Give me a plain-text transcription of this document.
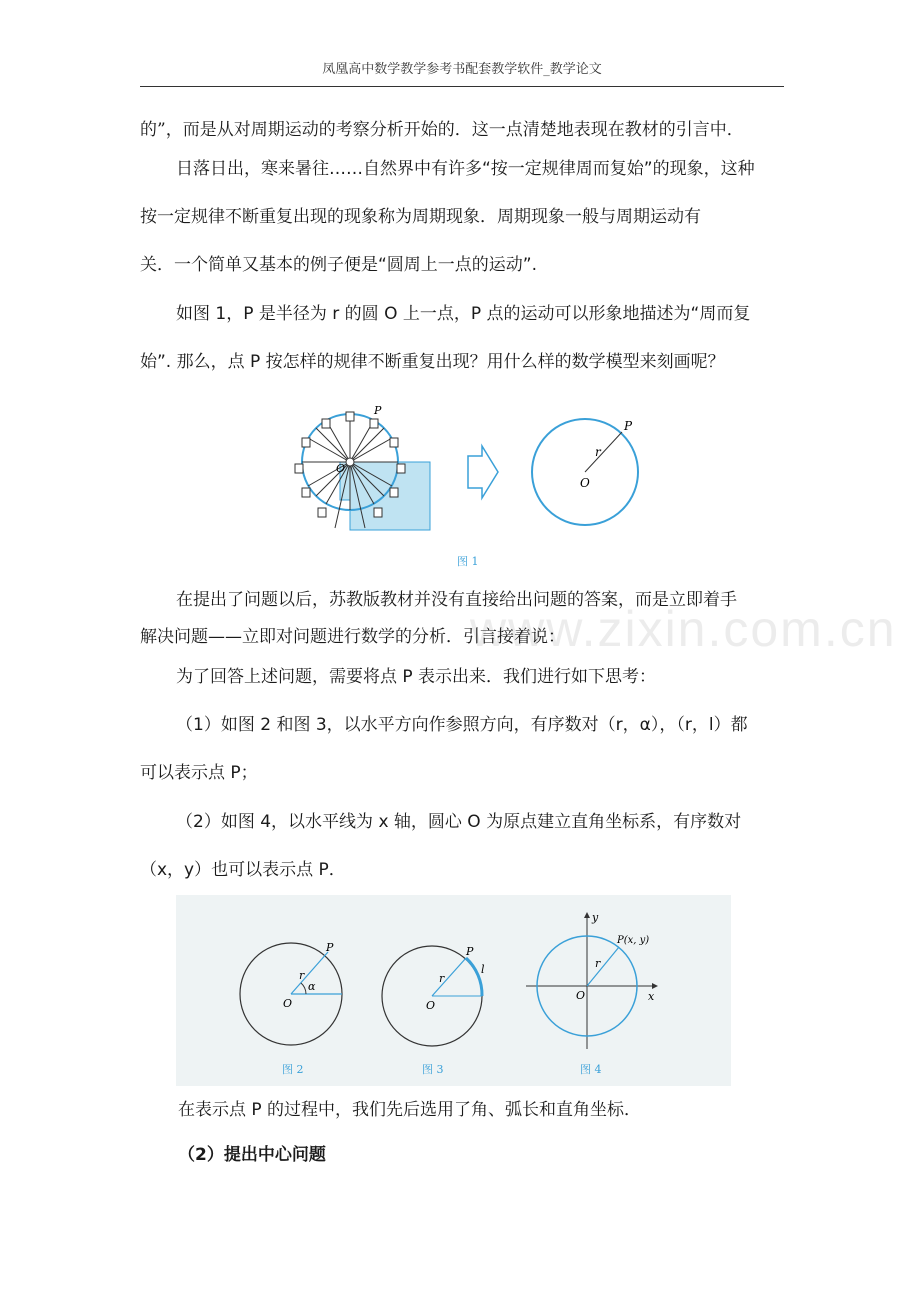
凤凰高中数学教学参考书配套教学软件_教学论文

的”，而是从对周期运动的考察分析开始的．这一点清楚地表现在教材的引言中．

日落日出，寒来暑往……自然界中有许多“按一定规律周而复始”的现象，这种

按一定规律不断重复出现的现象称为周期现象．周期现象一般与周期运动有

关．一个简单又基本的例子便是“圆周上一点的运动”.

如图 1，P 是半径为 r 的圆 O 上一点，P 点的运动可以形象地描述为“周而复

始”. 那么，点 P 按怎样的规律不断重复出现？用什么样的数学模型来刻画呢？

P
O
P
O
r
图 1
www.zixin.com.cn

在提出了问题以后，苏教版教材并没有直接给出问题的答案，而是立即着手

解决问题——立即对问题进行数学的分析．引言接着说：

为了回答上述问题，需要将点 P 表示出来．我们进行如下思考：

（1）如图 2 和图 3，以水平方向作参照方向，有序数对（r，α），（r，l）都

可以表示点 P；

（2）如图 4，以水平线为 x 轴，圆心 O 为原点建立直角坐标系，有序数对

（x，y）也可以表示点 P．

P
O
r
α
图 2
P
O
r
l
图 3
P(x, y)
O
r
x
y
图 4

在表示点 P 的过程中，我们先后选用了角、弧长和直角坐标．

（2）提出中心问题
